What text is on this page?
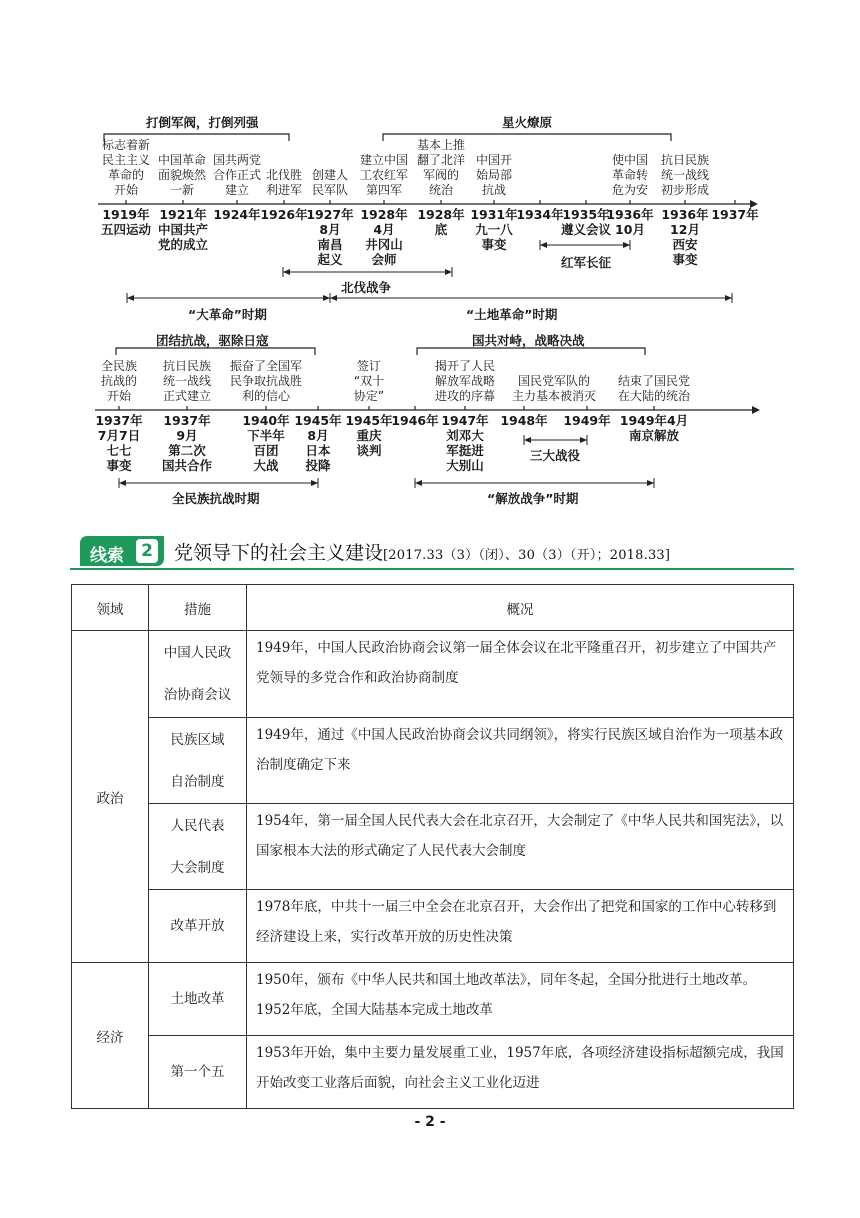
打倒军阀，打倒列强	星火燎原
标志着新
民主主义
革命的
开始
中国革命
面貌焕然
一新
国共两党
合作正式
建立
北伐胜
利进军
创建人
民军队
建立中国
工农红军
第四军
基本上推
翻了北洋
军阀的
统治
中国开
始局部
抗战
使中国
革命转
危为安
抗日民族
统一战线
初步形成
1919年
五四运动
1921年
中国共产
党的成立
1924年 1926年
1927年
8月
南昌
起义
1928年
4月
井冈山
会师
1928年
底
1931年
九一八
事变
1934年
1935年
遵义会议
1936年
10月
1936年
12月
西安
事变
1937年
红军长征
北伐战争
“大革命”时期	“土地革命”时期
团结抗战，驱除日寇	国共对峙，战略决战
全民族
抗战的
开始
抗日民族
统一战线
正式建立
振奋了全国军
民争取抗战胜
利的信心
签订
“双十
协定”
揭开了人民
解放军战略
进攻的序幕
国民党军队的
主力基本被消灭
结束了国民党
在大陆的统治
1937年
7月7日
七七
事变
1937年
9月
第二次
国共合作
1940年
下半年
百团
大战
1945年
8月
日本
投降
1945年
重庆
谈判
1946年 1947年
刘邓大
军挺进
大别山
1948年	1949年 1949年4月
南京解放
三大战役
全民族抗战时期	“解放战争”时期
线索 2 党领导下的社会主义建设[2017.33（3）（闭）、30（3）（开）；2018.33]
领域	措施	概况
政治	中国人民政
治协商会议	1949年，中国人民政治协商会议第一届全体会议在北平隆重召开，初步建立了中国共产党领导的多党合作和政治协商制度
	民族区域
自治制度	1949年，通过《中国人民政治协商会议共同纲领》，将实行民族区域自治作为一项基本政治制度确定下来
	人民代表
大会制度	1954年，第一届全国人民代表大会在北京召开，大会制定了《中华人民共和国宪法》，以国家根本大法的形式确定了人民代表大会制度
	改革开放	1978年底，中共十一届三中全会在北京召开，大会作出了把党和国家的工作中心转移到经济建设上来，实行改革开放的历史性决策
经济	土地改革	1950年，颁布《中华人民共和国土地改革法》，同年冬起，全国分批进行土地改革。1952年底，全国大陆基本完成土地改革
	第一个五	1953年开始，集中主要力量发展重工业，1957年底，各项经济建设指标超额完成，我国开始改变工业落后面貌，向社会主义工业化迈进
- 2 -
